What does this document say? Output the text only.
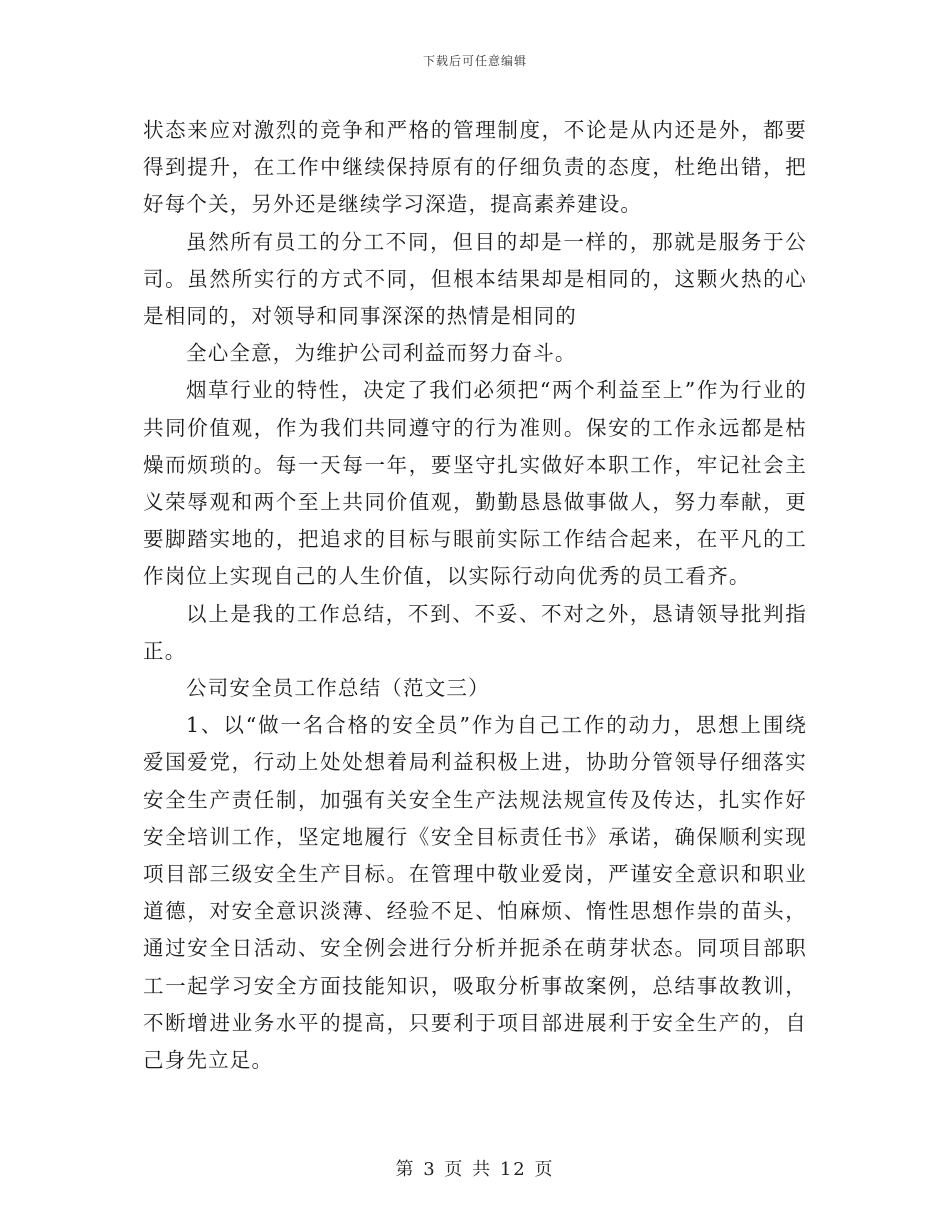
下载后可任意编辑

状态来应对激烈的竞争和严格的管理制度，不论是从内还是外，都要得到提升，在工作中继续保持原有的仔细负责的态度，杜绝出错，把好每个关，另外还是继续学习深造，提高素养建设。

虽然所有员工的分工不同，但目的却是一样的，那就是服务于公司。虽然所实行的方式不同，但根本结果却是相同的，这颗火热的心是相同的，对领导和同事深深的热情是相同的

全心全意，为维护公司利益而努力奋斗。

烟草行业的特性，决定了我们必须把“两个利益至上”作为行业的共同价值观，作为我们共同遵守的行为准则。保安的工作永远都是枯燥而烦琐的。每一天每一年，要坚守扎实做好本职工作，牢记社会主义荣辱观和两个至上共同价值观，勤勤恳恳做事做人，努力奉献，更要脚踏实地的，把追求的目标与眼前实际工作结合起来，在平凡的工作岗位上实现自己的人生价值，以实际行动向优秀的员工看齐。

以上是我的工作总结，不到、不妥、不对之外，恳请领导批判指正。

公司安全员工作总结（范文三）

1、以“做一名合格的安全员”作为自己工作的动力，思想上围绕爱国爱党，行动上处处想着局利益积极上进，协助分管领导仔细落实安全生产责任制，加强有关安全生产法规法规宣传及传达，扎实作好安全培训工作，坚定地履行《安全目标责任书》承诺，确保顺利实现项目部三级安全生产目标。在管理中敬业爱岗，严谨安全意识和职业道德，对安全意识淡薄、经验不足、怕麻烦、惰性思想作祟的苗头，通过安全日活动、安全例会进行分析并扼杀在萌芽状态。同项目部职工一起学习安全方面技能知识，吸取分析事故案例，总结事故教训，不断增进业务水平的提高，只要利于项目部进展利于安全生产的，自己身先立足。

第 3 页 共 12 页
